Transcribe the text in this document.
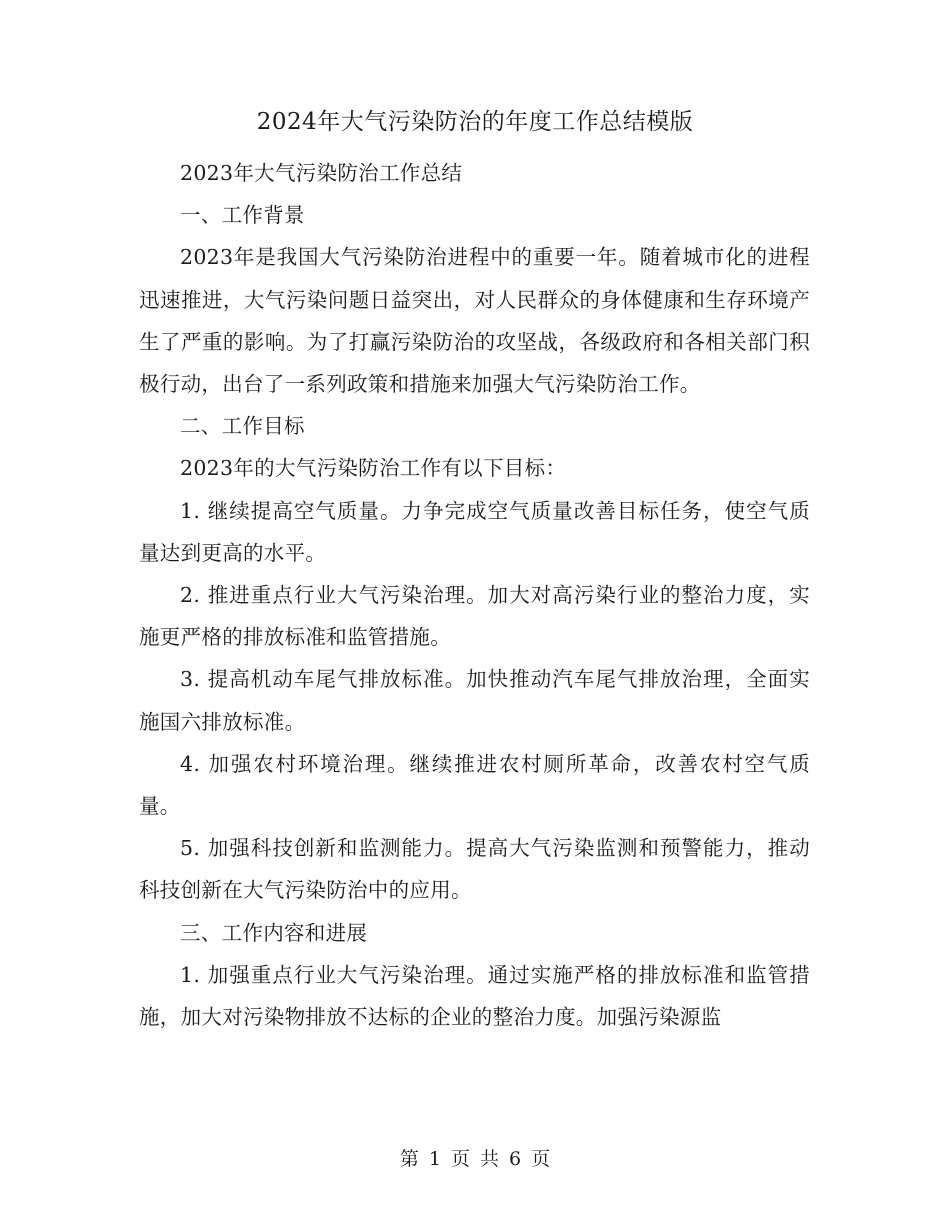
2024年大气污染防治的年度工作总结模版

2023年大气污染防治工作总结

一、工作背景

2023年是我国大气污染防治进程中的重要一年。随着城市化的进程迅速推进，大气污染问题日益突出，对人民群众的身体健康和生存环境产生了严重的影响。为了打赢污染防治的攻坚战，各级政府和各相关部门积极行动，出台了一系列政策和措施来加强大气污染防治工作。

二、工作目标

2023年的大气污染防治工作有以下目标：

1. 继续提高空气质量。力争完成空气质量改善目标任务，使空气质量达到更高的水平。

2. 推进重点行业大气污染治理。加大对高污染行业的整治力度，实施更严格的排放标准和监管措施。

3. 提高机动车尾气排放标准。加快推动汽车尾气排放治理，全面实施国六排放标准。

4. 加强农村环境治理。继续推进农村厕所革命，改善农村空气质量。

5. 加强科技创新和监测能力。提高大气污染监测和预警能力，推动科技创新在大气污染防治中的应用。

三、工作内容和进展

1. 加强重点行业大气污染治理。通过实施严格的排放标准和监管措施，加大对污染物排放不达标的企业的整治力度。加强污染源监

第 1 页 共 6 页
